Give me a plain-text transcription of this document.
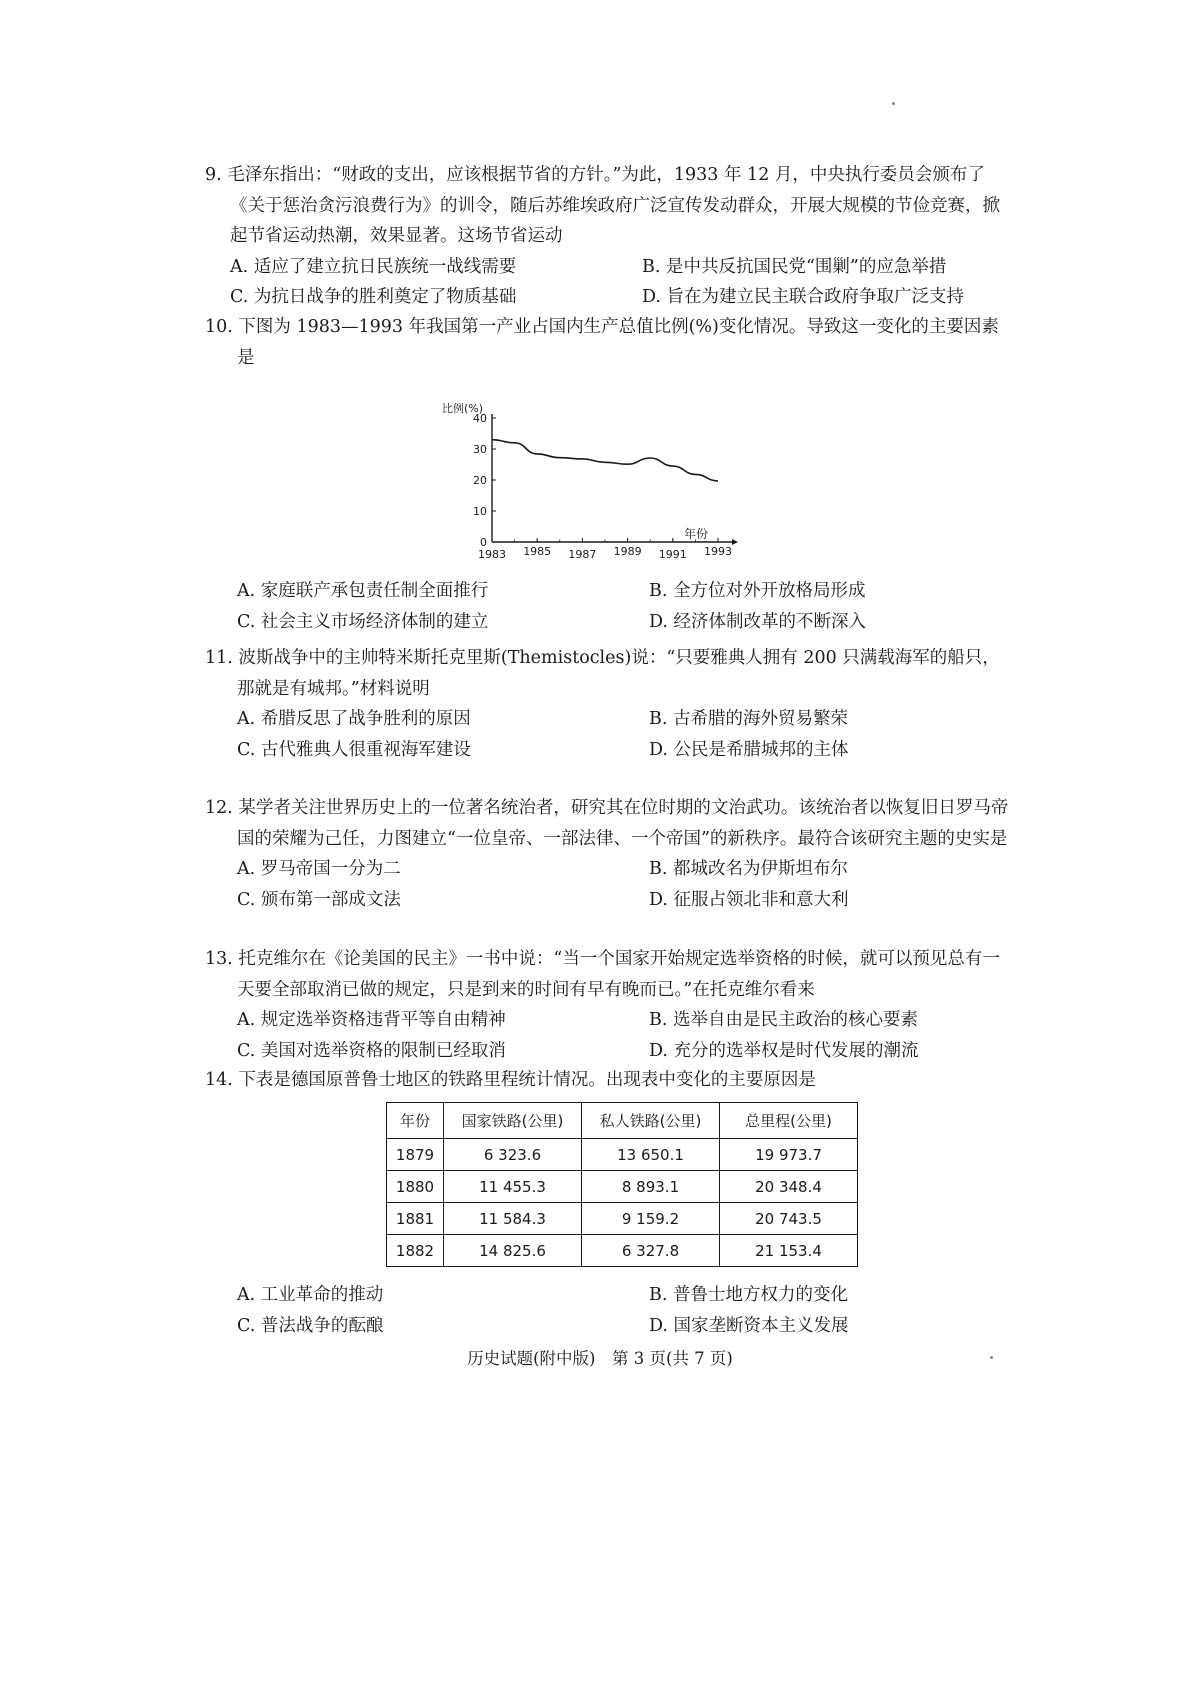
9. 毛泽东指出：“财政的支出，应该根据节省的方针。”为此，1933 年 12 月，中央执行委员会颁布了《关于惩治贪污浪费行为》的训令，随后苏维埃政府广泛宣传发动群众，开展大规模的节俭竞赛，掀起节省运动热潮，效果显著。这场节省运动

A. 适应了建立抗日民族统一战线需要	B. 是中共反抗国民党“围剿”的应急举措
C. 为抗日战争的胜利奠定了物质基础	D. 旨在为建立民主联合政府争取广泛支持

10. 下图为 1983—1993 年我国第一产业占国内生产总值比例(%)变化情况。导致这一变化的主要因素是

比例(%)
0
10
20
30
40
1983 1985 1987 1989 1991 1993
年份
A. 家庭联产承包责任制全面推行	B. 全方位对外开放格局形成
C. 社会主义市场经济体制的建立	D. 经济体制改革的不断深入

11. 波斯战争中的主帅特米斯托克里斯(Themistocles)说：“只要雅典人拥有 200 只满载海军的船只，那就是有城邦。”材料说明

A. 希腊反思了战争胜利的原因	B. 古希腊的海外贸易繁荣
C. 古代雅典人很重视海军建设	D. 公民是希腊城邦的主体

12. 某学者关注世界历史上的一位著名统治者，研究其在位时期的文治武功。该统治者以恢复旧日罗马帝国的荣耀为己任，力图建立“一位皇帝、一部法律、一个帝国”的新秩序。最符合该研究主题的史实是

A. 罗马帝国一分为二	B. 都城改名为伊斯坦布尔
C. 颁布第一部成文法	D. 征服占领北非和意大利

13. 托克维尔在《论美国的民主》一书中说：“当一个国家开始规定选举资格的时候，就可以预见总有一天要全部取消已做的规定，只是到来的时间有早有晚而已。”在托克维尔看来

A. 规定选举资格违背平等自由精神	B. 选举自由是民主政治的核心要素
C. 美国对选举资格的限制已经取消	D. 充分的选举权是时代发展的潮流

14. 下表是德国原普鲁士地区的铁路里程统计情况。出现表中变化的主要原因是

年份	国家铁路(公里)	私人铁路(公里)	总里程(公里)
1879	6 323.6	13 650.1	19 973.7
1880	11 455.3	8 893.1	20 348.4
1881	11 584.3	9 159.2	20 743.5
1882	14 825.6	6 327.8	21 153.4
A. 工业革命的推动	B. 普鲁士地方权力的变化
C. 普法战争的酝酿	D. 国家垄断资本主义发展
历史试题(附中版)　第 3 页(共 7 页)
